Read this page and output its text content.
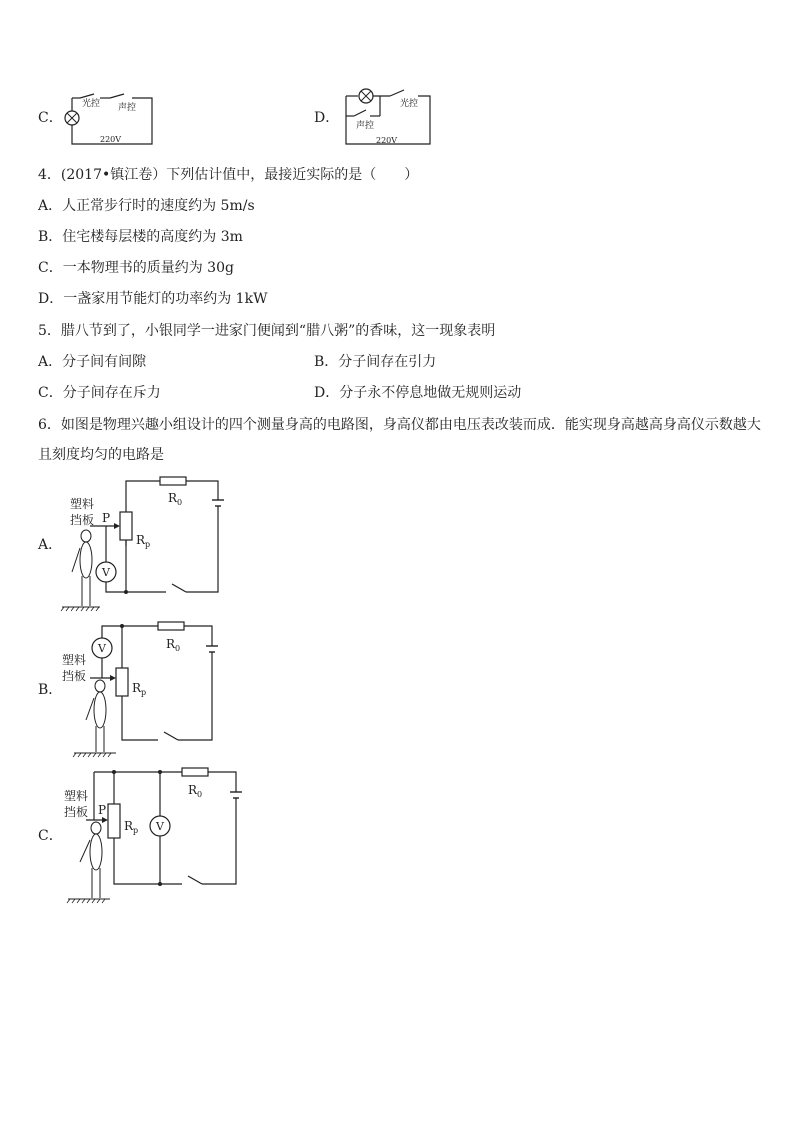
C．
光控 声控
220V
D．
光控
声控
220V
4．(2017•镇江卷）下列估计值中，最接近实际的是（　　）
A．人正常步行时的速度约为 5m/s
B．住宅楼每层楼的高度约为 3m
C．一本物理书的质量约为 30g
D．一盏家用节能灯的功率约为 1kW
5．腊八节到了，小银同学一进家门便闻到“腊八粥”的香味，这一现象表明
A．分子间有间隙	B．分子间存在引力
C．分子间存在斥力	D．分子永不停息地做无规则运动
6．如图是物理兴趣小组设计的四个测量身高的电路图，身高仪都由电压表改装而成．能实现身高越高身高仪示数越大
且刻度均匀的电路是
A．
塑料
挡板 P
$R_p$
$R_0$
V
B．
塑料
挡板
$R_p$
$R_0$
V
C．
塑料
挡板 P
$R_p$
$R_0$
V
